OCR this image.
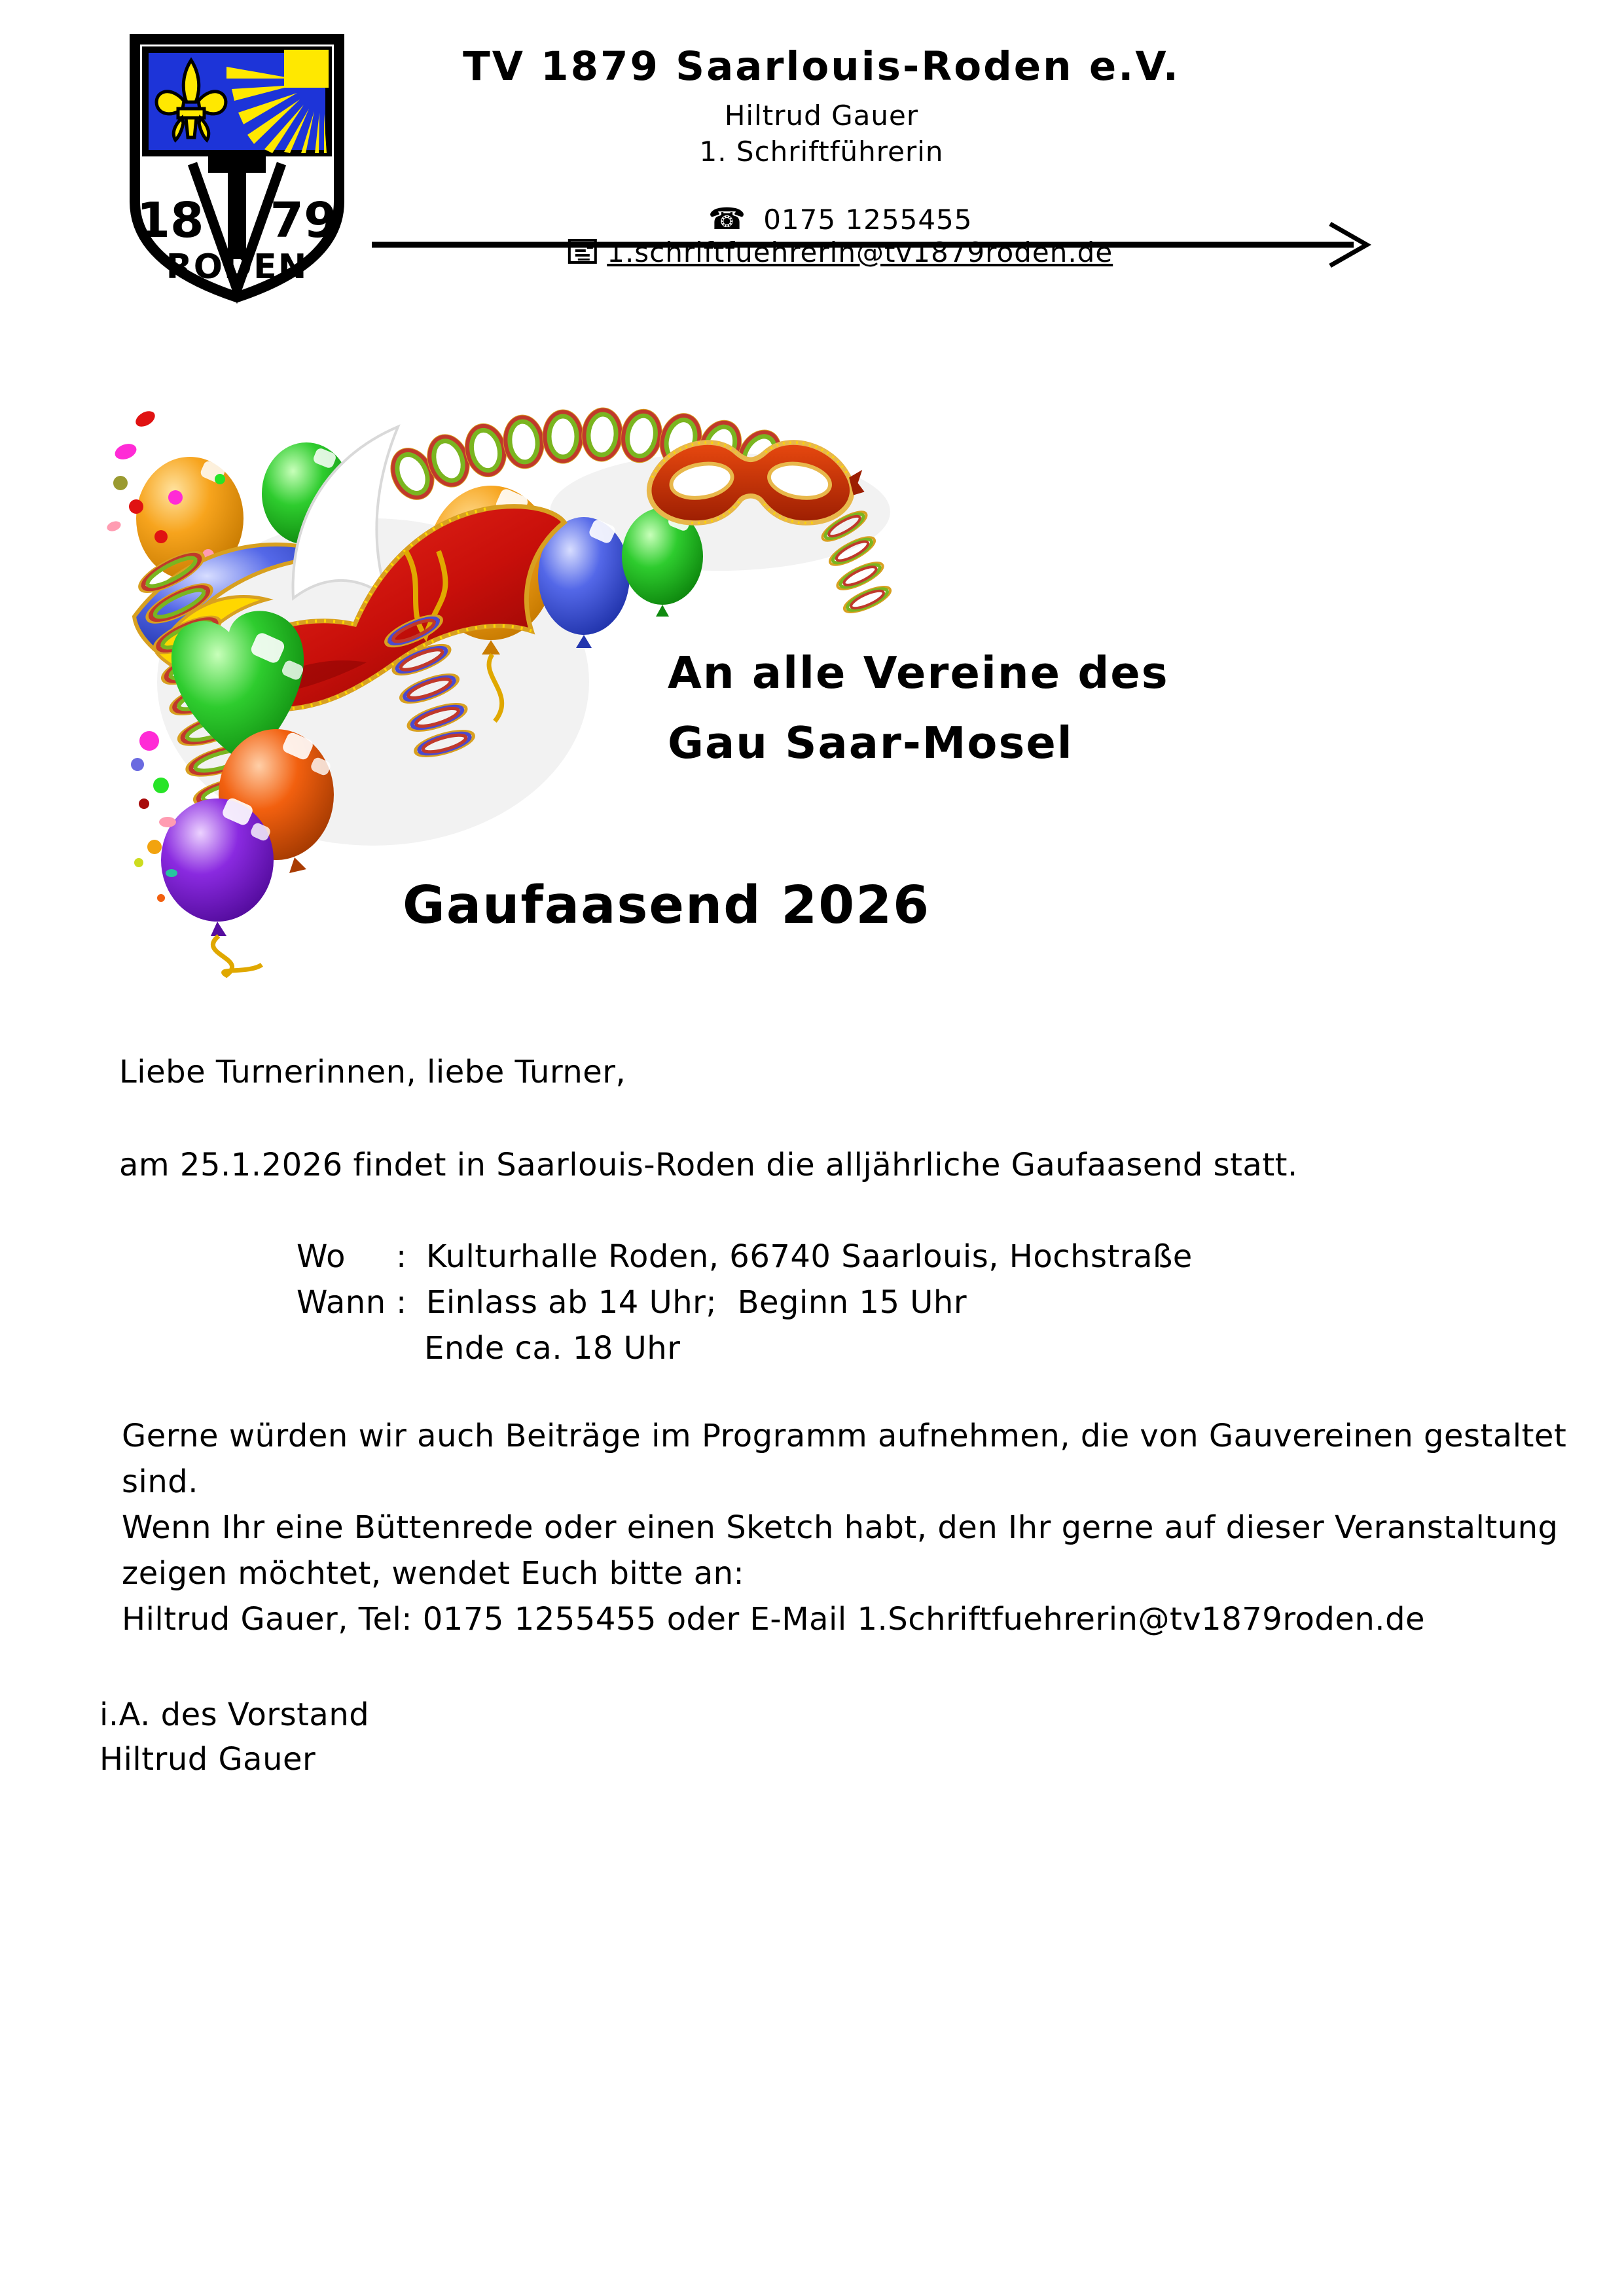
18 79
RODEN
TV 1879 Saarlouis-Roden e.V.
Hiltrud Gauer
1. Schriftführerin

☎ 0175 1255455

1.schriftfuehrerin@tv1879roden.de

An alle Vereine des
Gau Saar-Mosel
Gaufaasend 2026
Liebe Turnerinnen, liebe Turner,
am 25.1.2026 findet in Saarlouis-Roden die alljährliche Gaufaasend statt.
Wo : Kulturhalle Roden, 66740 Saarlouis, Hochstraße
Wann : Einlass ab 14 Uhr;  Beginn 15 Uhr
Ende ca. 18 Uhr
Gerne würden wir auch Beiträge im Programm aufnehmen, die von Gauvereinen gestaltet
sind.
Wenn Ihr eine Büttenrede oder einen Sketch habt, den Ihr gerne auf dieser Veranstaltung
zeigen möchtet, wendet Euch bitte an:
Hiltrud Gauer, Tel: 0175 1255455 oder E-Mail 1.Schriftfuehrerin@tv1879roden.de
i.A. des Vorstand
Hiltrud Gauer
